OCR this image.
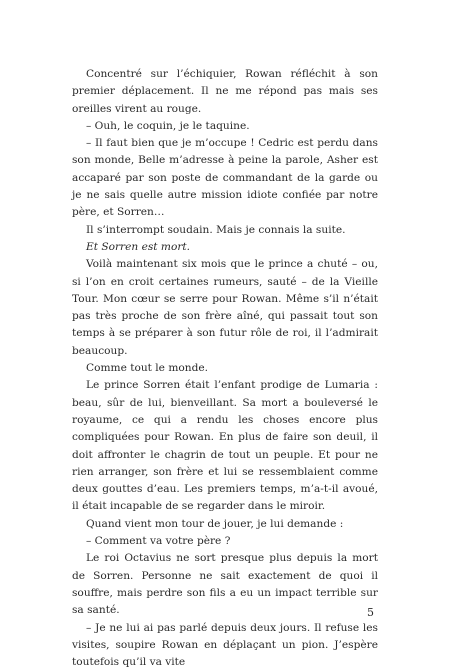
Concentré sur l’échiquier, Rowan réfléchit à son premier déplacement. Il ne me répond pas mais ses oreilles virent au rouge.

– Ouh, le coquin, je le taquine.

– Il faut bien que je m’occupe ! Cedric est perdu dans son monde, Belle m’adresse à peine la parole, Asher est accaparé par son poste de commandant de la garde ou je ne sais quelle autre mission idiote confiée par notre père, et Sorren…

Il s’interrompt soudain. Mais je connais la suite.

Et Sorren est mort.

Voilà maintenant six mois que le prince a chuté – ou, si l’on en croit certaines rumeurs, sauté – de la Vieille Tour. Mon cœur se serre pour Rowan. Même s’il n’était pas très proche de son frère aîné, qui passait tout son temps à se préparer à son futur rôle de roi, il l’admirait beaucoup.

Comme tout le monde.

Le prince Sorren était l’enfant prodige de Lumaria : beau, sûr de lui, bienveillant. Sa mort a bouleversé le royaume, ce qui a rendu les choses encore plus compliquées pour Rowan. En plus de faire son deuil, il doit affronter le chagrin de tout un peuple. Et pour ne rien arranger, son frère et lui se ressemblaient comme deux gouttes d’eau. Les premiers temps, m’a-t-il avoué, il était incapable de se regarder dans le miroir.

Quand vient mon tour de jouer, je lui demande :

– Comment va votre père ?

Le roi Octavius ne sort presque plus depuis la mort de Sorren. Personne ne sait exactement de quoi il souffre, mais perdre son fils a eu un impact terrible sur sa santé.

– Je ne lui ai pas parlé depuis deux jours. Il refuse les visites, soupire Rowan en déplaçant un pion. J’espère toutefois qu’il va vite

5
